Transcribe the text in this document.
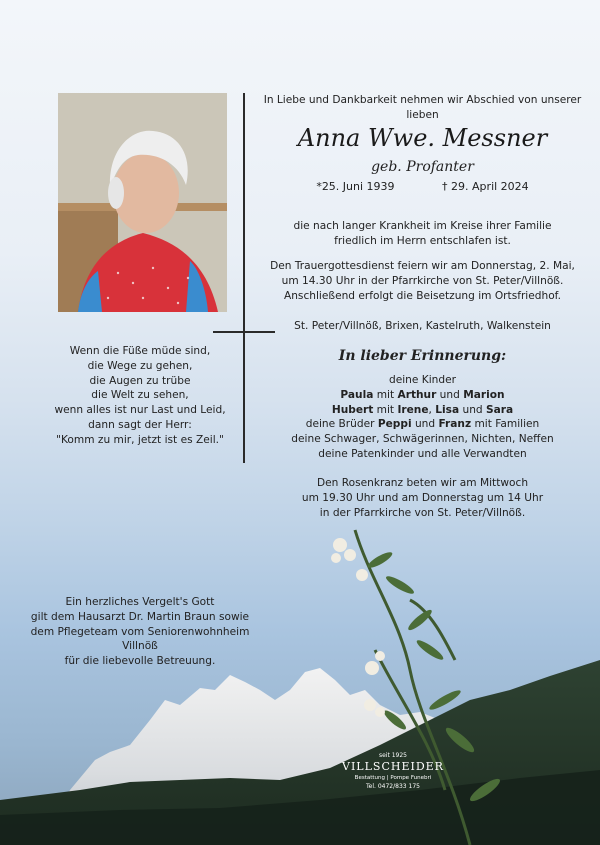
In Liebe und Dankbarkeit nehmen wir Abschied von unserer lieben
Anna Wwe. Messner
geb. Profanter
*25. Juni 1939	† 29. April 2024
die nach langer Krankheit im Kreise ihrer Familie
friedlich im Herrn entschlafen ist.
Den Trauergottesdienst feiern wir am Donnerstag, 2. Mai,
um 14.30 Uhr in der Pfarrkirche von St. Peter/Villnöß.
Anschließend erfolgt die Beisetzung im Ortsfriedhof.
St. Peter/Villnöß, Brixen, Kastelruth, Walkenstein
In lieber Erinnerung:
deine Kinder
Paula mit Arthur und Marion
Hubert mit Irene, Lisa und Sara
deine Brüder Peppi und Franz mit Familien
deine Schwager, Schwägerinnen, Nichten, Neffen
deine Patenkinder und alle Verwandten
Den Rosenkranz beten wir am Mittwoch
um 19.30 Uhr und am Donnerstag um 14 Uhr
in der Pfarrkirche von St. Peter/Villnöß.
Wenn die Füße müde sind,
die Wege zu gehen,
die Augen zu trübe
die Welt zu sehen,
wenn alles ist nur Last und Leid,
dann sagt der Herr:
"Komm zu mir, jetzt ist es Zeil."
Ein herzliches Vergelt's Gott
gilt dem Hausarzt Dr. Martin Braun sowie
dem Pflegeteam vom Seniorenwohnheim Villnöß
für die liebevolle Betreuung.
seit 1925
VILLSCHEIDER
Bestattung | Pompe Funebri
Tel. 0472/833 175
